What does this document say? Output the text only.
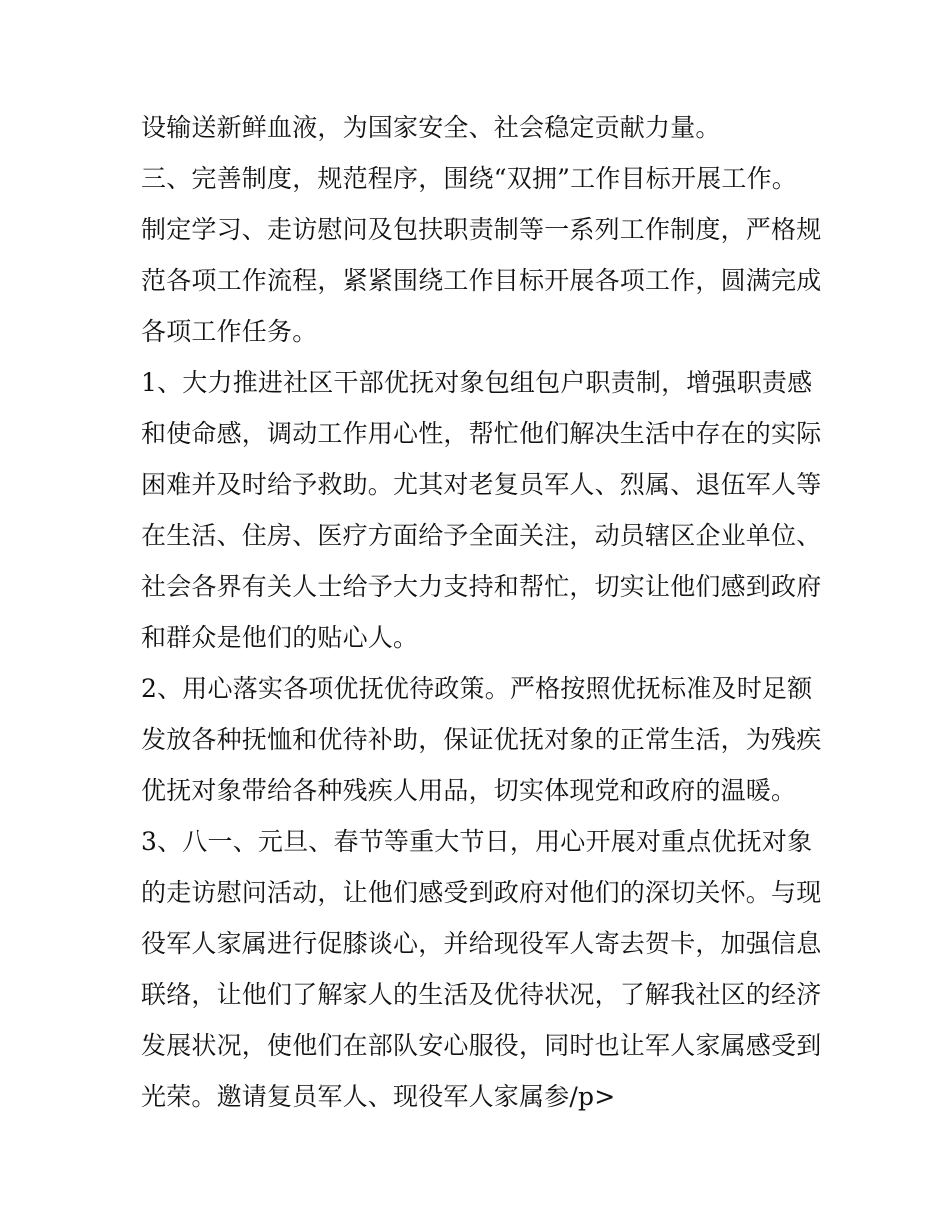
设输送新鲜血液，为国家安全、社会稳定贡献力量。

三、完善制度，规范程序，围绕“双拥”工作目标开展工作。

制定学习、走访慰问及包扶职责制等一系列工作制度，严格规

范各项工作流程，紧紧围绕工作目标开展各项工作，圆满完成

各项工作任务。

1、大力推进社区干部优抚对象包组包户职责制，增强职责感

和使命感，调动工作用心性，帮忙他们解决生活中存在的实际

困难并及时给予救助。尤其对老复员军人、烈属、退伍军人等

在生活、住房、医疗方面给予全面关注，动员辖区企业单位、

社会各界有关人士给予大力支持和帮忙，切实让他们感到政府

和群众是他们的贴心人。

2、用心落实各项优抚优待政策。严格按照优抚标准及时足额

发放各种抚恤和优待补助，保证优抚对象的正常生活，为残疾

优抚对象带给各种残疾人用品，切实体现党和政府的温暖。

3、八一、元旦、春节等重大节日，用心开展对重点优抚对象

的走访慰问活动，让他们感受到政府对他们的深切关怀。与现

役军人家属进行促膝谈心，并给现役军人寄去贺卡，加强信息

联络，让他们了解家人的生活及优待状况，了解我社区的经济

发展状况，使他们在部队安心服役，同时也让军人家属感受到

光荣。邀请复员军人、现役军人家属参/p>
